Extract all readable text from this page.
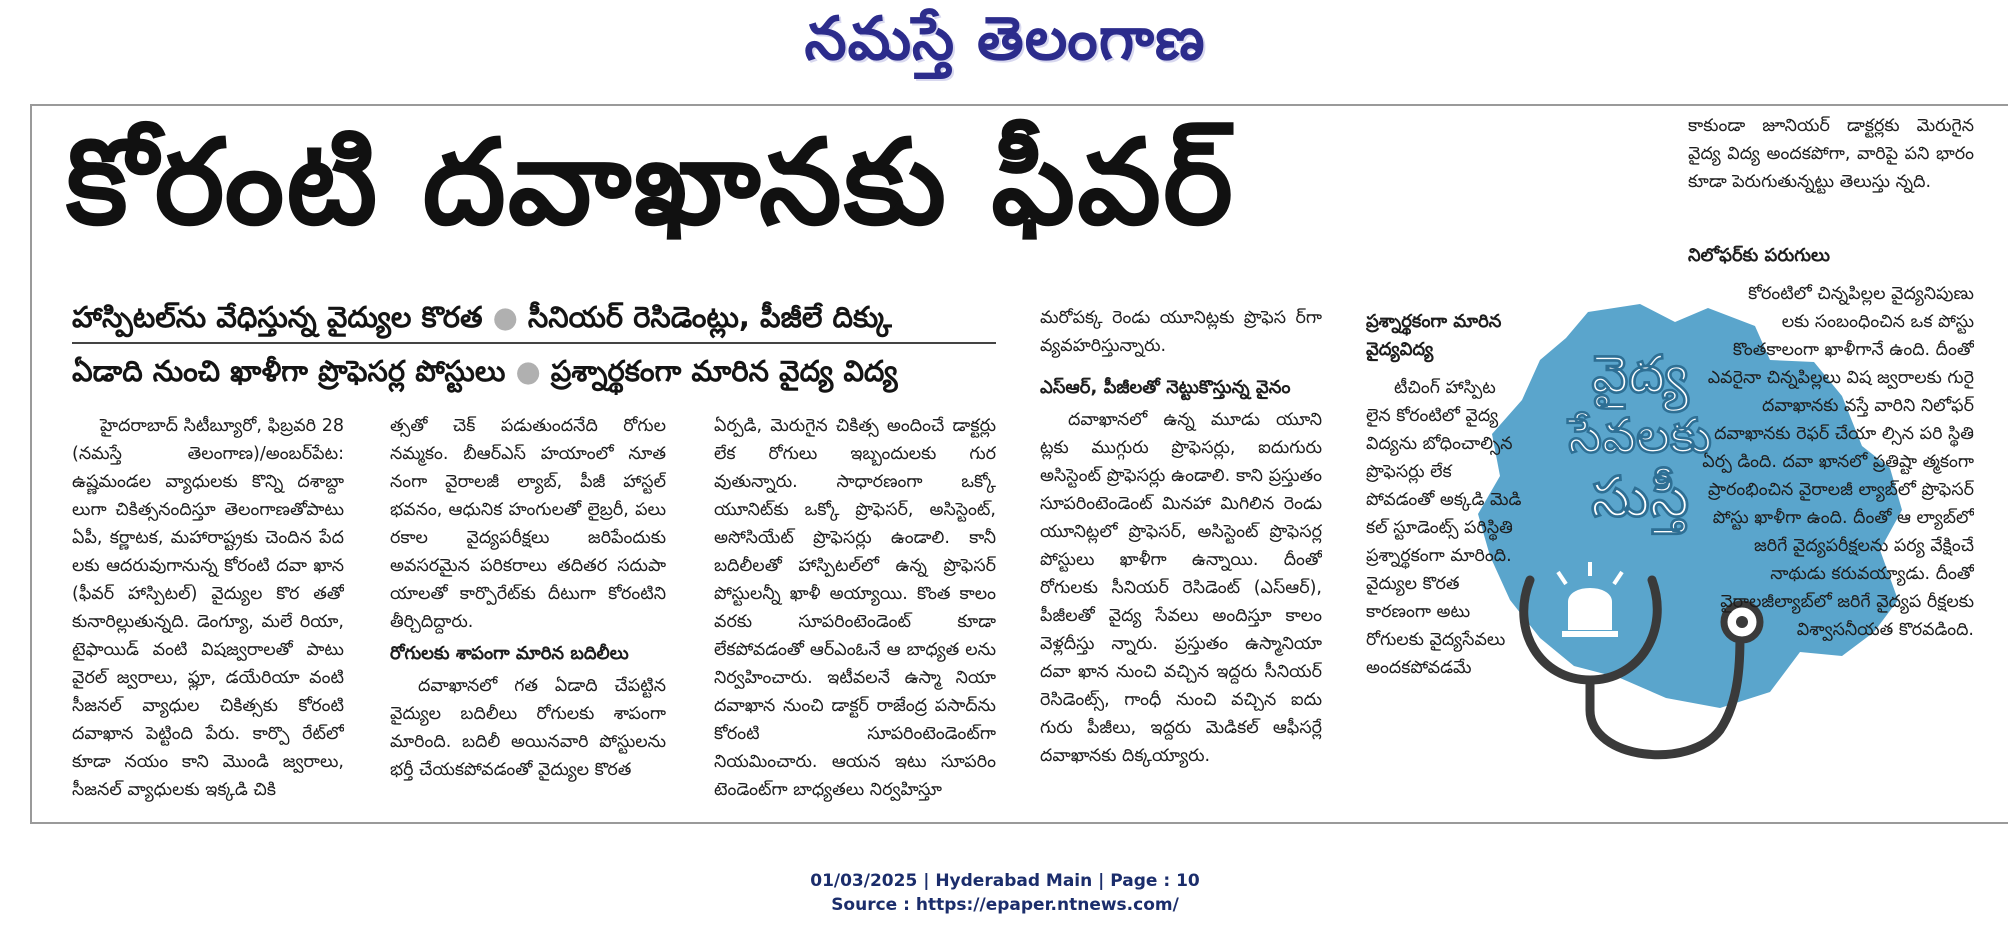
నమస్తే తెలంగాణ
కోరంటి దవాఖానకు ఫీవర్
హాస్పిటల్‌ను వేధిస్తున్న వైద్యుల కొరత ● సీనియర్ రెసిడెంట్లు, పీజీలే దిక్కు
ఏడాది నుంచి ఖాళీగా ప్రొఫెసర్ల పోస్టులు ● ప్రశ్నార్థకంగా మారిన వైద్య విద్య

హైదరాబాద్ సిటీబ్యూరో, ఫిబ్రవరి 28 (నమస్తే తెలంగాణ)/అంబర్‌పేట: ఉష్ణమండల వ్యాధులకు కొన్ని దశాబ్దా లుగా చికిత్సనందిస్తూ తెలంగాణతోపాటు ఏపీ, కర్ణాటక, మహారాష్ట్రకు చెందిన పేద లకు ఆదరువుగానున్న కోరంటి దవా ఖాన (ఫీవర్ హాస్పిటల్) వైద్యుల కొర తతో కునారిల్లుతున్నది. డెంగ్యూ, మలే రియా, టైఫాయిడ్ వంటి విషజ్వరాలతో పాటు వైరల్ జ్వరాలు, ఫ్లూ, డయేరియా వంటి సీజనల్ వ్యాధుల చికిత్సకు కోరంటి దవాఖాన పెట్టింది పేరు. కార్పొ రేట్‌లో కూడా నయం కాని మొండి జ్వరాలు, సీజనల్ వ్యాధులకు ఇక్కడి చికి

త్సతో చెక్ పడుతుందనేది రోగుల నమ్మకం. బీఆర్‌ఎస్ హయాంలో నూత నంగా వైరాలజీ ల్యాబ్, పీజీ హాస్టల్ భవనం, ఆధునిక హంగులతో లైబ్రరీ, పలు రకాల వైద్యపరీక్షలు జరిపేందుకు అవసరమైన పరికరాలు తదితర సదుపా యాలతో కార్పొరేట్‌కు దీటుగా కోరంటిని తీర్చిదిద్దారు.

రోగులకు శాపంగా మారిన బదిలీలు

దవాఖానలో గత ఏడాది చేపట్టిన వైద్యుల బదిలీలు రోగులకు శాపంగా మారింది. బదిలీ అయినవారి పోస్టులను భర్తీ చేయకపోవడంతో వైద్యుల కొరత

ఏర్పడి, మెరుగైన చికిత్స అందించే డాక్టర్లు లేక రోగులు ఇబ్బందులకు గుర వుతున్నారు. సాధారణంగా ఒక్కో యూనిట్‌కు ఒక్కో ప్రొఫెసర్, అసిస్టెంట్, అసోసియేట్ ప్రొఫెసర్లు ఉండాలి. కానీ బదిలీలతో హాస్పిటల్‌లో ఉన్న ప్రొఫెసర్ పోస్టులన్నీ ఖాళీ అయ్యాయి. కొంత కాలం వరకు సూపరింటెండెంట్ కూడా లేకపోవడంతో ఆర్‌ఎంఓనే ఆ బాధ్యత లను నిర్వహించారు. ఇటీవలనే ఉస్మా నియా దవాఖాన నుంచి డాక్టర్ రాజేంద్ర పసాద్‌ను కోరంటి సూపరింటెండెంట్‌గా నియమించారు. ఆయన ఇటు సూపరిం టెండెంట్‌గా బాధ్యతలు నిర్వహిస్తూ

మరోపక్క రెండు యూనిట్లకు ప్రొఫెస ర్‌గా వ్యవహరిస్తున్నారు.

ఎస్‌ఆర్, పీజీలతో నెట్టుకొస్తున్న వైనం

దవాఖానలో ఉన్న మూడు యూని ట్లకు ముగ్గురు ప్రొఫెసర్లు, ఐదుగురు అసిస్టెంట్ ప్రొఫెసర్లు ఉండాలి. కాని ప్రస్తుతం సూపరింటెండెంట్ మినహా మిగిలిన రెండు యూనిట్లలో ప్రొఫెసర్, అసిస్టెంట్ ప్రొఫెసర్ల పోస్టులు ఖాళీగా ఉన్నాయి. దీంతో రోగులకు సీనియర్ రెసిడెంట్ (ఎస్‌ఆర్), పీజీలతో వైద్య సేవలు అందిస్తూ కాలం వెళ్లదీస్తు న్నారు. ప్రస్తుతం ఉస్మానియా దవా ఖాన నుంచి వచ్చిన ఇద్దరు సీనియర్ రెసిడెంట్స్, గాంధీ నుంచి వచ్చిన ఐదు గురు పీజీలు, ఇద్దరు మెడికల్ ఆఫీసర్లే దవాఖానకు దిక్కయ్యారు.

వైద్య
సేవలకు
సుస్తీ
ప్రశ్నార్థకంగా మారిన వైద్యవిద్య

టీచింగ్ హాస్పిట లైన కోరంటిలో వైద్య విద్యను బోధించాల్సిన ప్రొఫెసర్లు లేక పోవడంతో అక్కడి మెడి కల్ స్టూడెంట్స్ పరిస్థితి ప్రశ్నార్థకంగా మారింది. వైద్యుల కొరత కారణంగా అటు రోగులకు వైద్యసేవలు అందకపోవడమే

కాకుండా జూనియర్ డాక్టర్లకు మెరుగైన వైద్య విద్య అందకపోగా, వారిపై పని భారం కూడా పెరుగుతున్నట్టు తెలుస్తు న్నది.

నిలోఫర్‌కు పరుగులు

కోరంటిలో చిన్నపిల్లల వైద్యనిపుణు లకు సంబంధించిన ఒక పోస్టు కొంతకాలంగా ఖాళీగానే ఉంది. దీంతో ఎవరైనా చిన్నపిల్లలు విష జ్వరాలకు గురై దవాఖానకు వస్తే వారిని నిలోఫర్ దవాఖానకు రెఫర్ చేయా ల్సిన పరి స్థితి ఏర్ప డింది. దవా ఖానలో ప్రతిష్టా త్మకంగా ప్రారంభించిన వైరాలజీ ల్యాబ్‌లో ప్రొఫెసర్ పోస్టు ఖాళీగా ఉంది. దీంతో ఆ ల్యాబ్‌లో జరిగే వైద్యపరీక్షలను పర్య వేక్షించే నాథుడు కరువయ్యాడు. దీంతో వైరాలజీల్యాబ్‌లో జరిగే వైద్యప రీక్షలకు విశ్వాసనీయత కొరవడింది.

01/03/2025 | Hyderabad Main | Page : 10
Source : https://epaper.ntnews.com/
